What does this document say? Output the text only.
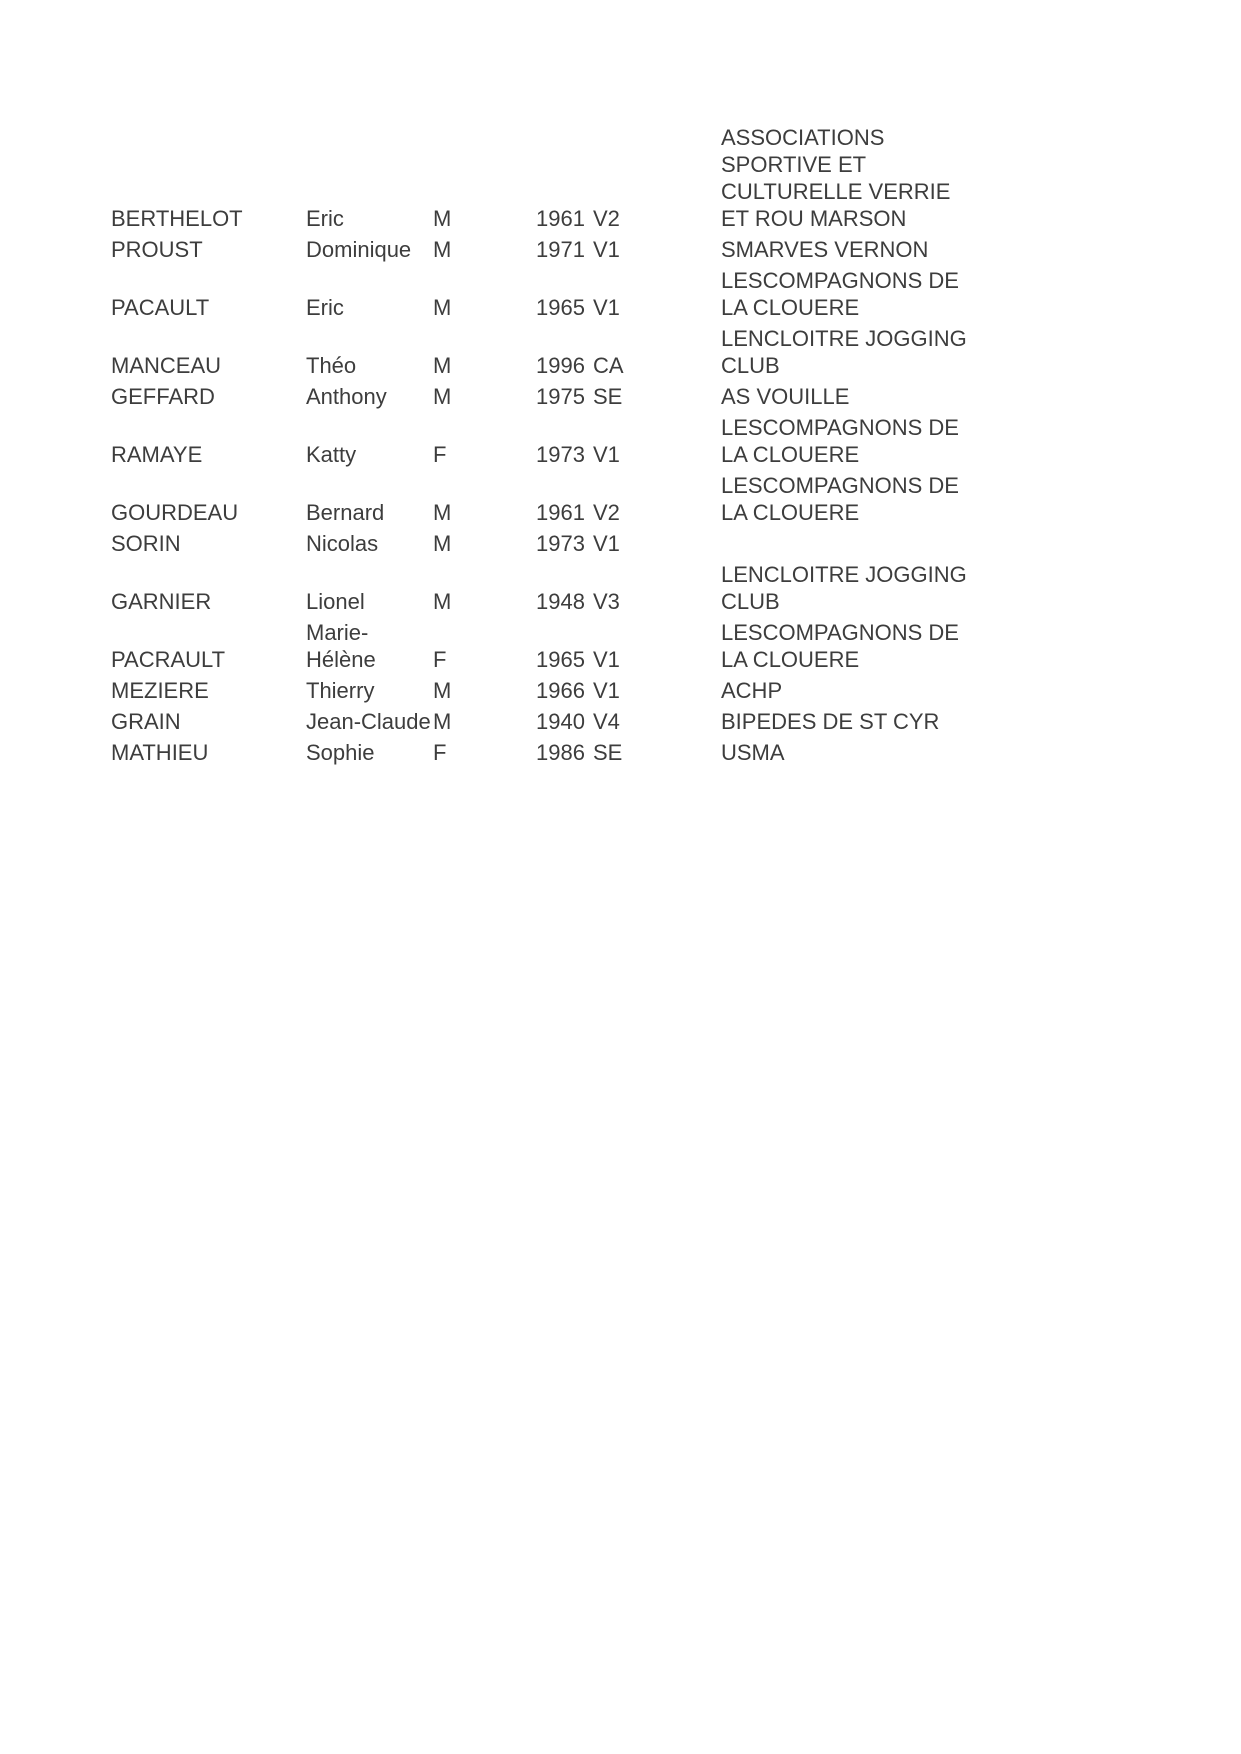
BERTHELOT	Eric	M	1961	V2	ASSOCIATIONS SPORTIVE ET CULTURELLE VERRIE ET ROU MARSON
PROUST	Dominique	M	1971	V1	SMARVES VERNON
PACAULT	Eric	M	1965	V1	LESCOMPAGNONS DE LA CLOUERE
MANCEAU	Théo	M	1996	CA	LENCLOITRE JOGGING CLUB
GEFFARD	Anthony	M	1975	SE	AS VOUILLE
RAMAYE	Katty	F	1973	V1	LESCOMPAGNONS DE LA CLOUERE
GOURDEAU	Bernard	M	1961	V2	LESCOMPAGNONS DE LA CLOUERE
SORIN	Nicolas	M	1973	V1	
GARNIER	Lionel	M	1948	V3	LENCLOITRE JOGGING CLUB
PACRAULT	Marie-Hélène	F	1965	V1	LESCOMPAGNONS DE LA CLOUERE
MEZIERE	Thierry	M	1966	V1	ACHP
GRAIN	Jean-Claude	M	1940	V4	BIPEDES DE ST CYR
MATHIEU	Sophie	F	1986	SE	USMA
